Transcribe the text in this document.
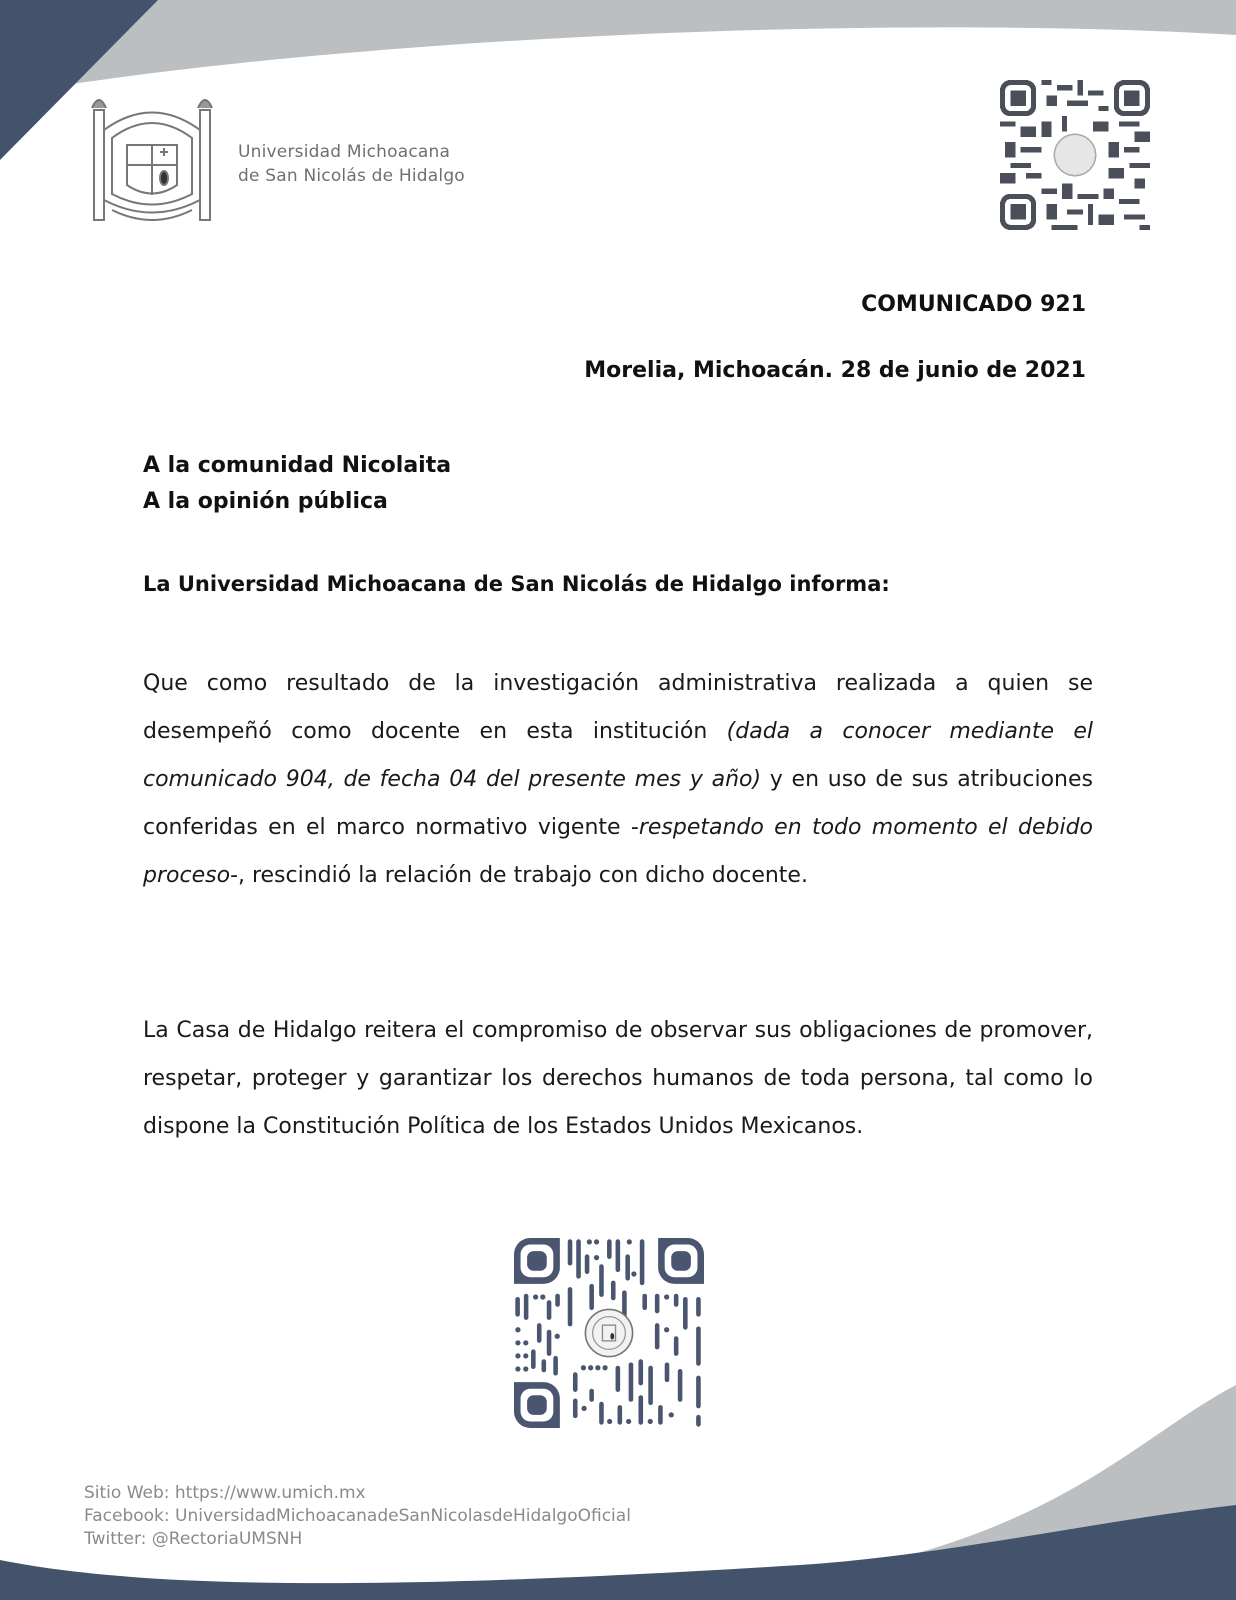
Universidad Michoacana
de San Nicolás de Hidalgo
COMUNICADO 921
Morelia, Michoacán. 28 de junio de 2021
A la comunidad Nicolaita
A la opinión pública
La Universidad Michoacana de San Nicolás de Hidalgo informa:
Que como resultado de la investigación administrativa realizada a quien se desempeñó como docente en esta institución (dada a conocer mediante el comunicado 904, de fecha 04 del presente mes y año) y en uso de sus atribuciones conferidas en el marco normativo vigente -respetando en todo momento el debido proceso-, rescindió la relación de trabajo con dicho docente.
La Casa de Hidalgo reitera el compromiso de observar sus obligaciones de promover, respetar, proteger y garantizar los derechos humanos de toda persona, tal como lo dispone la Constitución Política de los Estados Unidos Mexicanos.
Sitio Web: https://www.umich.mx
Facebook: UniversidadMichoacanadeSanNicolasdeHidalgoOficial
Twitter: @RectoriaUMSNH
